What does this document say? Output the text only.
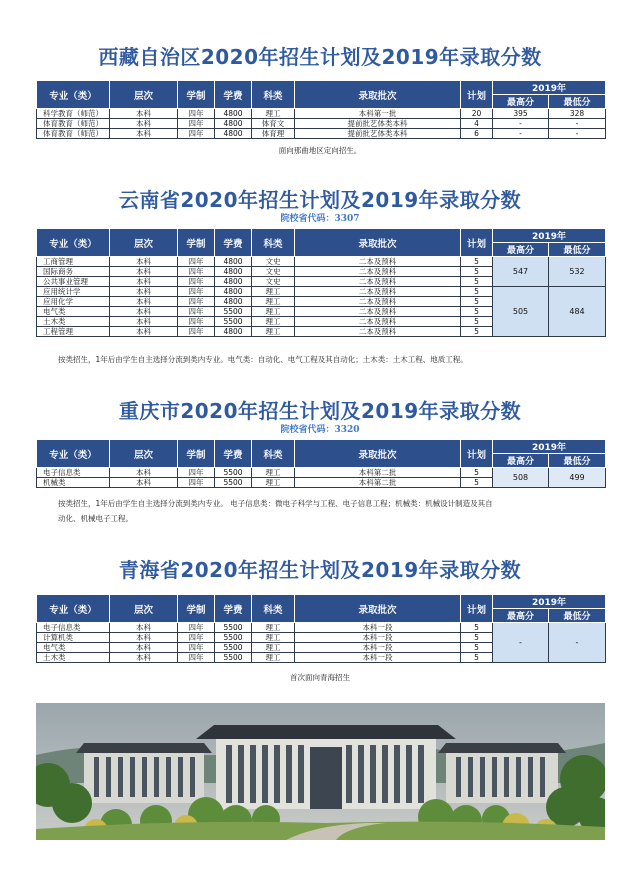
西藏自治区2020年招生计划及2019年录取分数
专业（类）	层次	学制	学费	科类	录取批次	计划	2019年	
							最高分	最低分
科学教育（师范）	本科	四年	4800	理工	本科第一批	20	395	328
体育教育（师范）	本科	四年	4800	体育文	提前批艺体类本科	4	-	-
体育教育（师范）	本科	四年	4800	体育理	提前批艺体类本科	6	-	-
面向那曲地区定向招生。
云南省2020年招生计划及2019年录取分数
院校省代码：3307
专业（类）	层次	学制	学费	科类	录取批次	计划	2019年	
							最高分	最低分
工商管理	本科	四年	4800	文史	二本及预科	5	547	532
国际商务	本科	四年	4800	文史	二本及预科	5		
公共事业管理	本科	四年	4800	文史	二本及预科	5		
应用统计学	本科	四年	4800	理工	二本及预科	5	505	484
应用化学	本科	四年	4800	理工	二本及预科	5		
电气类	本科	四年	5500	理工	二本及预科	5		
土木类	本科	四年	5500	理工	二本及预科	5		
工程管理	本科	四年	4800	理工	二本及预科	5		
按类招生，1年后由学生自主选择分流到类内专业。电气类：自动化、电气工程及其自动化；土木类：土木工程、地质工程。
重庆市2020年招生计划及2019年录取分数
院校省代码：3320
专业（类）	层次	学制	学费	科类	录取批次	计划	2019年	
							最高分	最低分
电子信息类	本科	四年	5500	理工	本科第二批	5	508	499
机械类	本科	四年	5500	理工	本科第二批	5		
按类招生，1年后由学生自主选择分流到类内专业。 电子信息类：微电子科学与工程、电子信息工程；机械类：机械设计制造及其自
动化、机械电子工程。
青海省2020年招生计划及2019年录取分数
专业（类）	层次	学制	学费	科类	录取批次	计划	2019年	
							最高分	最低分
电子信息类	本科	四年	5500	理工	本科一段	5	-	-
计算机类	本科	四年	5500	理工	本科一段	5		
电气类	本科	四年	5500	理工	本科一段	5		
土木类	本科	四年	5500	理工	本科一段	5		
首次面向青海招生
